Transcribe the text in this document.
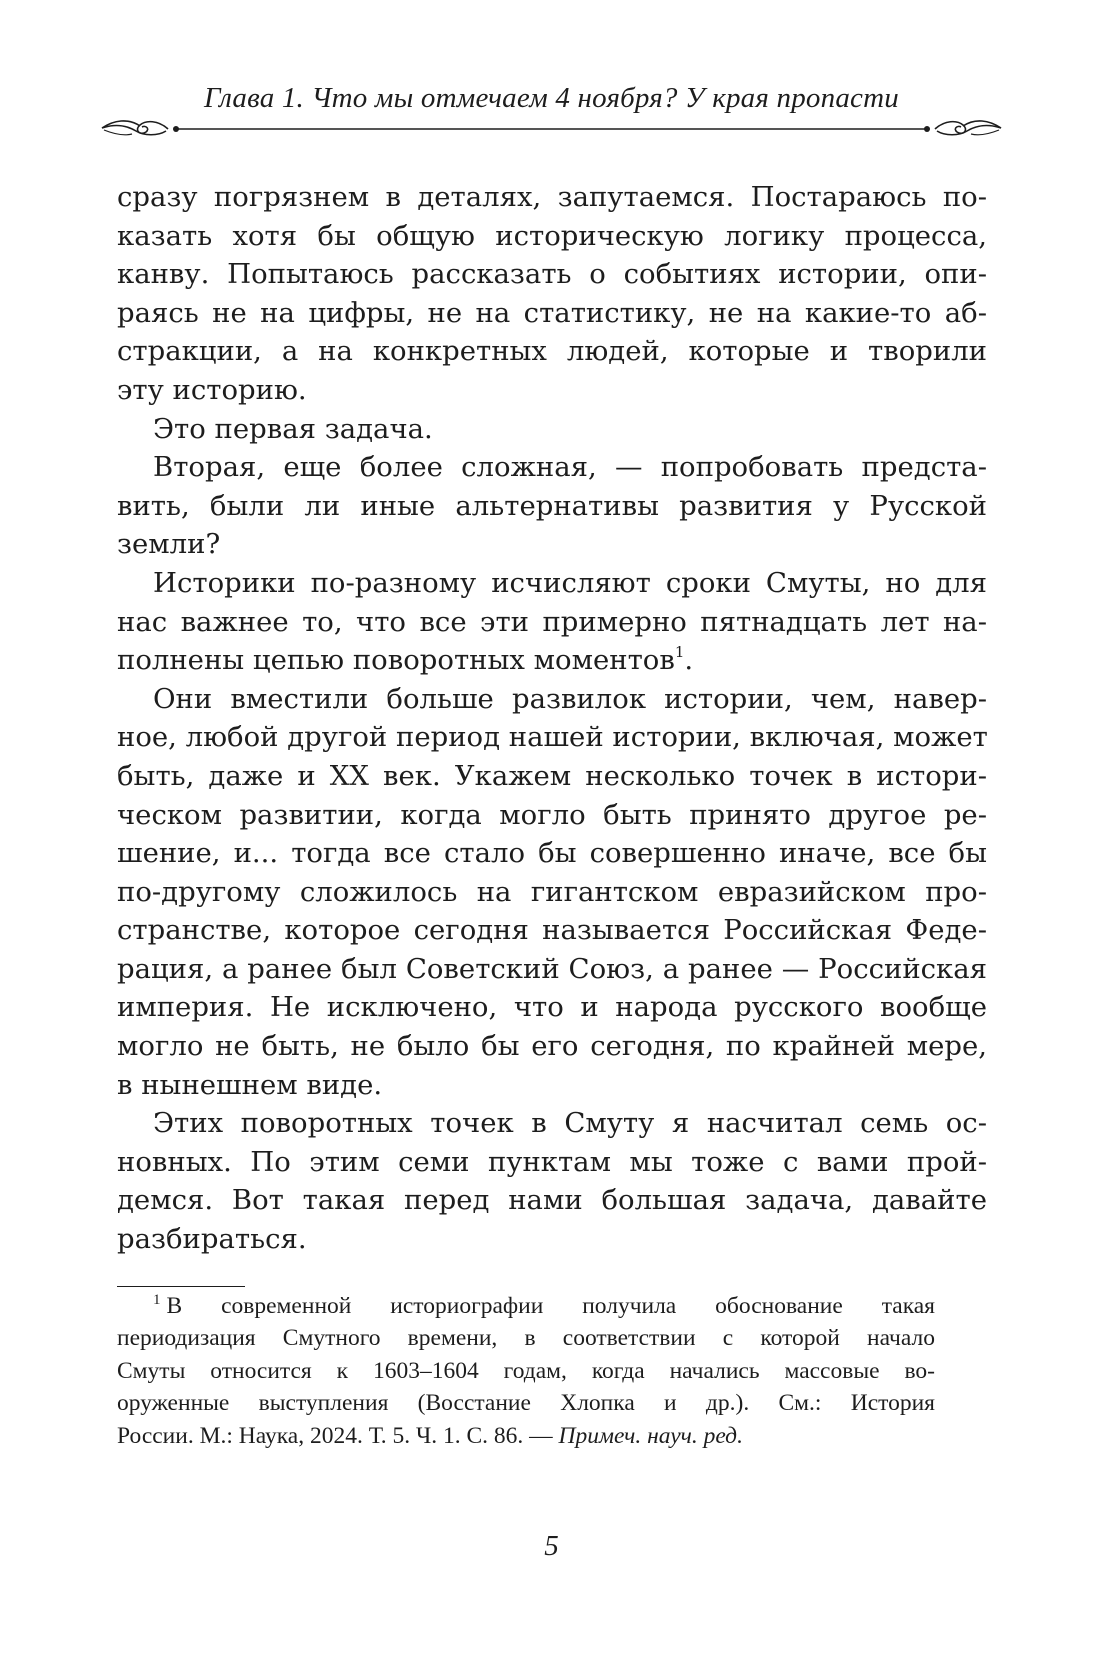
Глава 1. Что мы отмечаем 4 ноября? У края пропасти
сразу погрязнем в деталях, запутаемся. Постараюсь по-
казать хотя бы общую историческую логику процесса,
канву. Попытаюсь рассказать о событиях истории, опи-
раясь не на цифры, не на статистику, не на какие-то аб-
стракции, а на конкретных людей, которые и творили
эту историю.
Это первая задача.
Вторая, еще более сложная, — попробовать предста-
вить, были ли иные альтернативы развития у Русской
земли?
Историки по-разному исчисляют сроки Смуты, но для
нас важнее то, что все эти примерно пятнадцать лет на-
полнены цепью поворотных моментов$^1$.
Они вместили больше развилок истории, чем, навер-
ное, любой другой период нашей истории, включая, может
быть, даже и XX век. Укажем несколько точек в истори-
ческом развитии, когда могло быть принято другое ре-
шение, и... тогда все стало бы совершенно иначе, все бы
по-другому сложилось на гигантском евразийском про-
странстве, которое сегодня называется Российская Феде-
рация, а ранее был Советский Союз, а ранее — Российская
империя. Не исключено, что и народа русского вообще
могло не быть, не было бы его сегодня, по крайней мере,
в нынешнем виде.
Этих поворотных точек в Смуту я насчитал семь ос-
новных. По этим семи пунктам мы тоже с вами прой-
демся. Вот такая перед нами большая задача, давайте
разбираться.
$^1$ В современной историографии получила обоснование такая
периодизация Смутного времени, в соответствии с которой начало
Смуты относится к 1603–1604 годам, когда начались массовые во-
оруженные выступления (Восстание Хлопка и др.). См.: История
России. М.: Наука, 2024. Т. 5. Ч. 1. С. 86. — Примеч. науч. ред.
5
